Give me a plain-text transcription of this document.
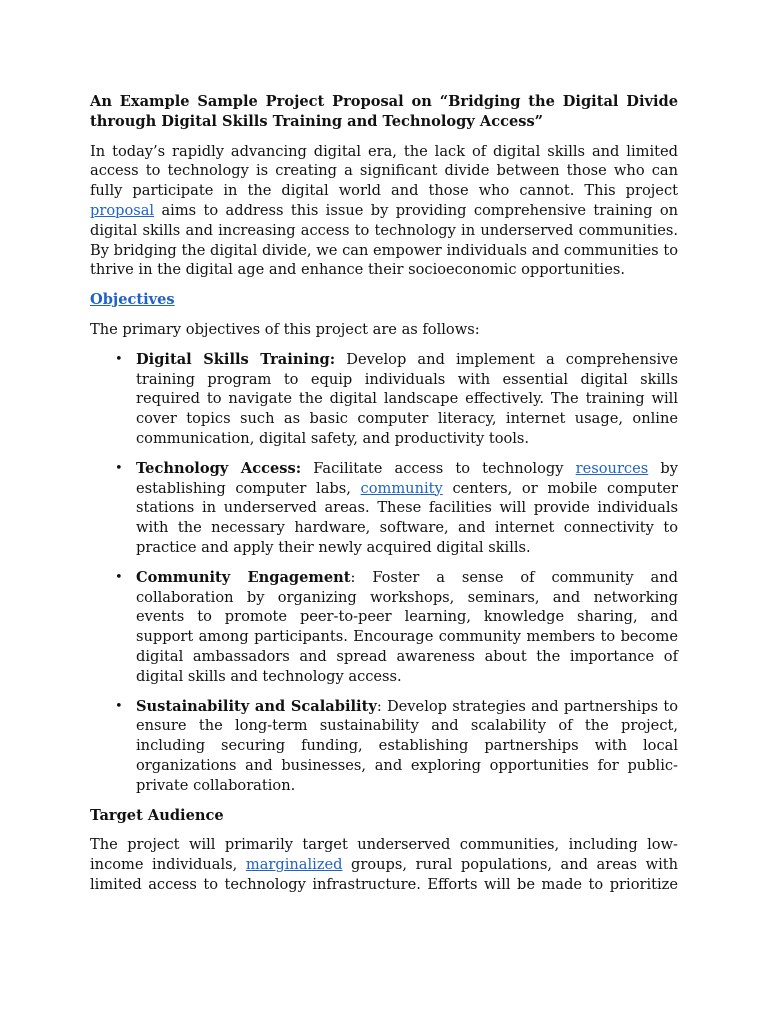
An Example Sample Project Proposal on “Bridging the Digital Divide through Digital Skills Training and Technology Access”

In today’s rapidly advancing digital era, the lack of digital skills and limited access to technology is creating a significant divide between those who can fully participate in the digital world and those who cannot. This project proposal aims to address this issue by providing comprehensive training on digital skills and increasing access to technology in underserved communities. By bridging the digital divide, we can empower individuals and communities to thrive in the digital age and enhance their socioeconomic opportunities.

Objectives

The primary objectives of this project are as follows:

• Digital Skills Training: Develop and implement a comprehensive training program to equip individuals with essential digital skills required to navigate the digital landscape effectively. The training will cover topics such as basic computer literacy, internet usage, online communication, digital safety, and productivity tools.
• Technology Access: Facilitate access to technology resources by establishing computer labs, community centers, or mobile computer stations in underserved areas. These facilities will provide individuals with the necessary hardware, software, and internet connectivity to practice and apply their newly acquired digital skills.
• Community Engagement: Foster a sense of community and collaboration by organizing workshops, seminars, and networking events to promote peer-to-peer learning, knowledge sharing, and support among participants. Encourage community members to become digital ambassadors and spread awareness about the importance of digital skills and technology access.
• Sustainability and Scalability: Develop strategies and partnerships to ensure the long-term sustainability and scalability of the project, including securing funding, establishing partnerships with local organizations and businesses, and exploring opportunities for public-private collaboration.
Target Audience

The project will primarily target underserved communities, including low-income individuals, marginalized groups, rural populations, and areas with limited access to technology infrastructure. Efforts will be made to prioritize
